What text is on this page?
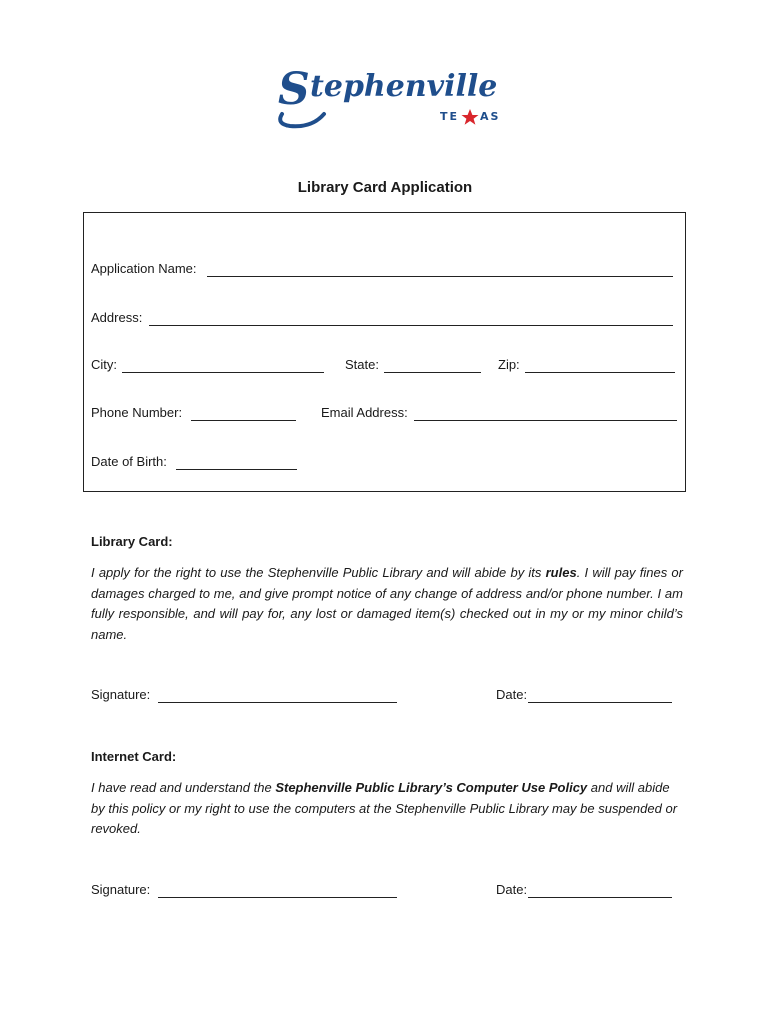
S tephenville
TE AS
Library Card Application
Application Name:
Address:
City:	State:	Zip:
Phone Number:	Email Address:
Date of Birth:
Library Card:
I apply for the right to use the Stephenville Public Library and will abide by its rules. I will pay fines or damages charged to me, and give prompt notice of any change of address and/or phone number. I am fully responsible, and will pay for, any lost or damaged item(s) checked out in my or my minor child’s name.
Signature:	Date:
Internet Card:
I have read and understand the Stephenville Public Library’s Computer Use Policy and will abide by this policy or my right to use the computers at the Stephenville Public Library may be suspended or revoked.
Signature:	Date:
